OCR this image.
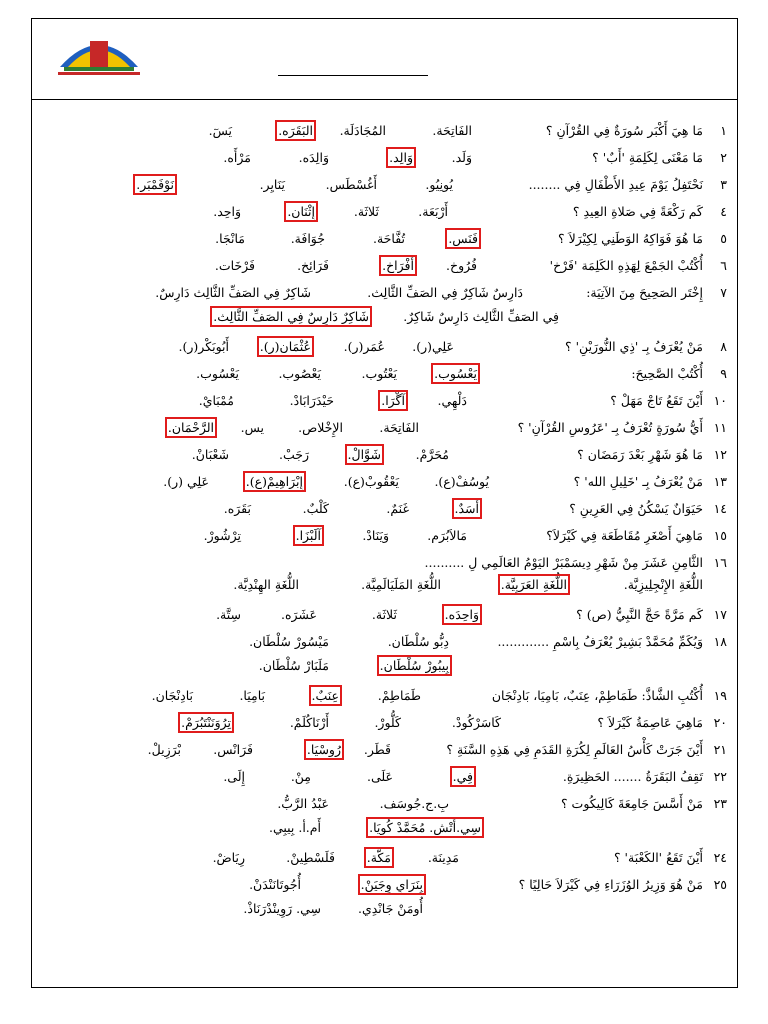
١
مَا هِيَ أَكْبَر سُورَةٌ فِي القُرْآنِ ؟
الفَاتِحَة.
المُجَادَلَة.
البَقَرَه.
يَسٓ.
٢
مَا مَعْنَى لِكَلِمَةِ 'أَبٌ' ؟
وَلَد.
وَالِد.
وَالِدَه.
مَرْأَه.
٣
نَحْتَفِلُ يَوْمَ عِيدِ الأَطْفَالِ فِي ........
يُونِيُو.
أَغُسْطَس.
يَنَايِر.
نَوْفَمْبَر.
٤
كَم رَكْعَةً فِي صَلاةِ العِيدِ ؟
أَرْبَعَة.
ثَلاثَة.
إِثْنَان.
وَاحِد.
٥
مَا هُوَ فَوَاكِهُ الوَطَنِي لِكِيْرَلاَ ؟
فَنَس.
تُفَّاحَة.
جُوَافَة.
مَانْجَا.
٦
أُكْتُبْ الجَمْعَ لِهَذِهِ الكَلِمَة 'فَرْخ'
فُرُوخ.
أَفْرَاخ.
فَرَائِخ.
فَرْخَات.
٧
إِخْتَر الصَحِيحَ مِنَ الآتِيَة:
دَارِسٌ شَاكِرٌ فِي الصَفِّ الثَّالِث.
شَاكِرٌ فِي الصَفِّ الثَّالِث دَارِسٌ.
شَاكِرٌ دَارِسٌ فِي الصَفِّ الثَّالِث.	فِي الصَفِّ الثَّالِث دَارِسٌ شَاكِرٌ.
٨
مَنْ يُعْرَفُ بِـ 'ذِي النُّورَيْنِ' ؟
عَلِي(ر).
عُمَر(ر).
عُثْمَان(ر).
أَبُوبَكْر(ر).
٩
أُكْتُبْ الصَّحِيحَ:
يَعْسُوب.
يَعْتُوب.
يَعْصُوب.
يَعْسُوب.
١٠
أَيْنَ تَقَعُ تَاجْ مَهَلْ ؟
دَلْهِي.
آگْرَا.
حَيْدَرَابَادْ.
مُمْبَايْ.
١١
أَيُّ سُورَةٍ تُعْرَفُ بِـ 'عَرُوسِ القُرْآنِ' ؟
الفَاتِحَة.
الإِخْلاص.
يس.
الرَّحْمَان.
١٢
مَا هُوَ شَهْرِ بَعْدَ رَمَضَان ؟
مُحَرَّمْ.
شَوَّالْ.
رَجَبْ.
شَعْبَانْ.
١٣
مَنْ يُعْرَفُ بِـ 'خَلِيلِ الله' ؟
يُوسُفْ(ع).
يَعْقُوبْ(ع).
إِبْرَاهِيمْ(ع).
عَلِي (ر).
١٤
حَيَوَانٌ يَسْكُنُ فِي العَرِينِ ؟
أَسَدٌ.
غَنَمٌ.
كَلْبٌ.
بَقَرَه.
١٥
مَاهِيَ أَصْغَرِ مُقَاطَعَة فِي كَيْرَلاَ؟
مَالاَبُرَم.
وَيَنَادْ.
آلَبْزَا.
تِرْشُورْ.
١٦
الثَّامِنِ عَشَرَ مِنْ شَهْرِ دِيسَمْبَرْ اليَوْمُ العَالَمِي لِ ..........
اللُّغَةِ الإِنْجِلِيزِيَّة.
اللُّغَةِ العَرَبِيَّة.
اللُّغَةِ المَلَيَالَمِيَّة.
اللُّغَةِ الهِنْدِيَّة.
١٧
كَم مَرَّةً حَجَّ النَّبِيُّ (ص) ؟
وَاحِدَه.
ثَلاثَة.
عَشَرَه.
سِتَّة.
١٨
وَيُكَمِّ مُحَمَّدْ بَشِيرْ يُعْرَفُ بِاسْمِ .............
دِبُّو سُلْطَان.
مَيْسُورْ سُلْطَان.
بِيبُورْ سُلْطَان.
مَلَبَارْ سُلْطَان.
١٩
أُكْتُبِ الشَّاذَّ: طَمَاطِمْ، عِنَبٌ، بَامِيَا، بَادِنْجَان
طَمَاطِمْ.
عِنَبٌ.
بَامِيَا.
بَادِنْجَان.
٢٠
مَاهِيَ عَاصِمَةُ كَيْرَلاَ ؟
كَاسَرْكُودْ.
كَلُّورْ.
أَرْنَاكُلَمْ.
تِرُوَنَنْتَبُرَمْ.
٢١
أَيْنَ جَرَتْ كَأْسُ العَالَمِ لِكُرَةِ القَدَمِ فِي هَذِهِ السَّنَةِ ؟
قَطَر.
رُوسْيَا.
فَرَانْس.
بْرَزِيلْ.
٢٢
تَقِفُ البَقَرَةُ ....... الحَظِيرَةِ.
فِي.
عَلَى.
مِنْ.
إِلَى.
٢٣
مَنْ أَسَّسَ جَامِعَةَ كَالِيكُوت ؟
بِ.ج.جُوسَف.
عَبْدُ الرَّبُّ.
سِي.أَتْش. مُحَمَّدْ كُويَا.
أَم.أ. بِيبِي.
٢٤
أَيْنَ تَقَعُ 'الكَعْبَة' ؟
مَدِينَة.
مَكَّة.
فَلَسْطِينْ.
رِيَاضْ.
٢٥
مَنْ هُوَ وَزِيرُ الوُزَرَاءِ فِي كَيْرَلاَ حَالِيًا ؟
بِنَرَايِ وِجَيَنْ.
أُجُوتَانَنْدَنْ.
أُومَنْ جَانْدِي.
سِي. رَوِينْدْرَنَاذْ.
